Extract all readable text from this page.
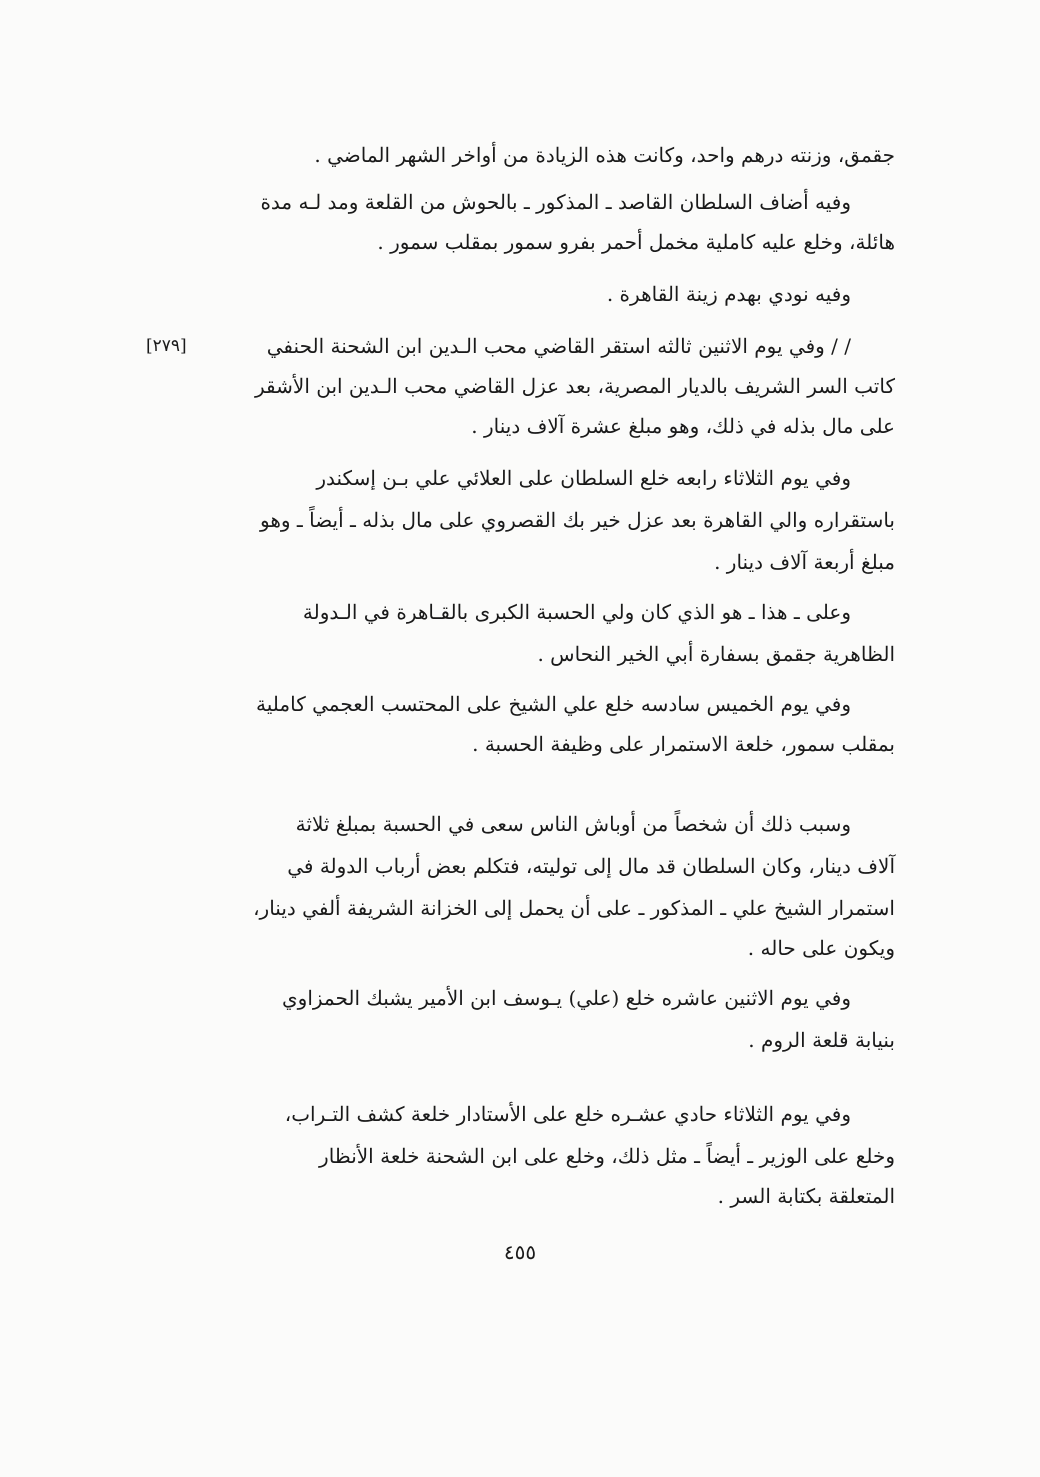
جقمق، وزنته درهم واحد، وكانت هذه الزيادة من أواخر الشهر الماضي .
وفيه أضاف السلطان القاصد ـ المذكور ـ بالحوش من القلعة ومد لـه مدة
هائلة، وخلع عليه كاملية مخمل أحمر بفرو سمور بمقلب سمور .
وفيه نودي بهدم زينة القاهرة .
/ / وفي يوم الاثنين ثالثه استقر القاضي محب الـدين ابن الشحنة الحنفي
كاتب السر الشريف بالديار المصرية، بعد عزل القاضي محب الـدين ابن الأشقر
على مال بذله في ذلك، وهو مبلغ عشرة آلاف دينار .
وفي يوم الثلاثاء رابعه خلع السلطان على العلائي علي بـن إسكندر
باستقراره والي القاهرة بعد عزل خير بك القصروي على مال بذله ـ أيضاً ـ وهو
مبلغ أربعة آلاف دينار .
وعلى ـ هذا ـ هو الذي كان ولي الحسبة الكبرى بالقـاهرة في الـدولة
الظاهرية جقمق بسفارة أبي الخير النحاس .
وفي يوم الخميس سادسه خلع علي الشيخ على المحتسب العجمي كاملية
بمقلب سمور، خلعة الاستمرار على وظيفة الحسبة .
وسبب ذلك أن شخصاً من أوباش الناس سعى في الحسبة بمبلغ ثلاثة
آلاف دينار، وكان السلطان قد مال إلى توليته، فتكلم بعض أرباب الدولة في
استمرار الشيخ علي ـ المذكور ـ على أن يحمل إلى الخزانة الشريفة ألفي دينار،
ويكون على حاله .
وفي يوم الاثنين عاشره خلع (علي) يـوسف ابن الأمير يشبك الحمزاوي
بنيابة قلعة الروم .
وفي يوم الثلاثاء حادي عشـره خلع على الأستادار خلعة كشف التـراب،
وخلع على الوزير ـ أيضاً ـ مثل ذلك، وخلع على ابن الشحنة خلعة الأنظار
المتعلقة بكتابة السر .
[٢٧٩]
٤٥٥
